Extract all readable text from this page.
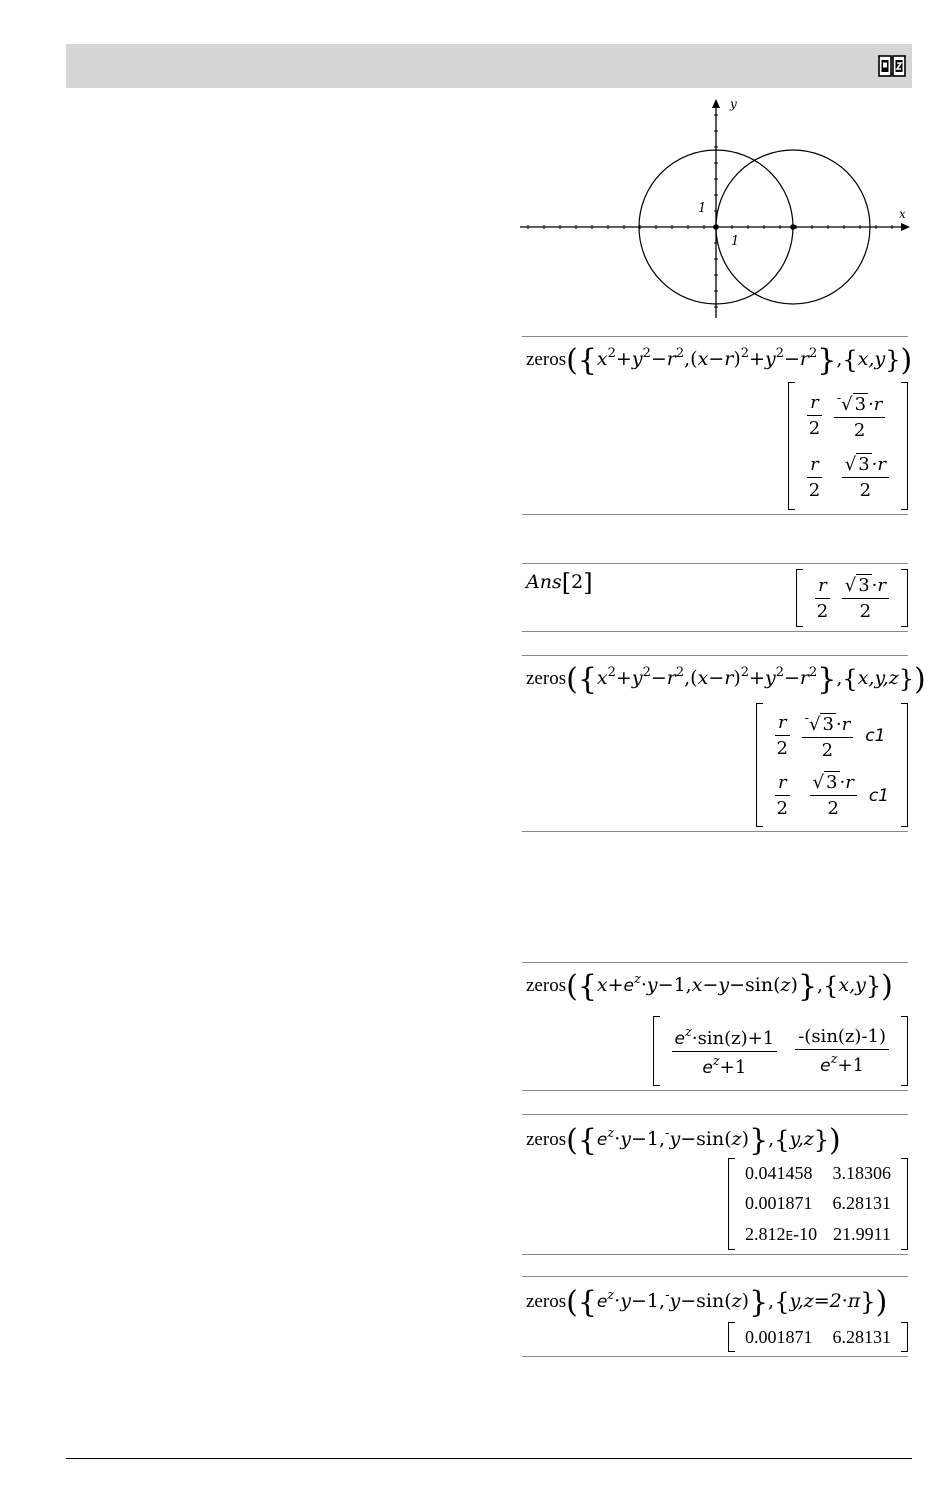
y
x
1
1
$zeros(\{x^2+y^2-r^2,(x-r)^2+y^2-r^2\},\{x,y\})$
$\frac{r}{2} \frac{^-√ 3 \cdot r}{2}$
$\frac{r}{2} \frac{√ 3 \cdot r}{2}$
Ans[2]	$\frac{r}{2} \frac{√ 3 \cdot r}{2}$
$zeros(\{x^2+y^2-r^2,(x-r)^2+y^2-r^2\},\{x,y,z\})$
$\frac{r}{2} \frac{^-√ 3 \cdot r}{2} c1$
$\frac{r}{2} \frac{√ 3 \cdot r}{2} c1$
$zeros(\{x+e^z\cdot y-1,x-y-\sin(z)\},\{x,y\})$
$\frac{e^z\cdot\sin(z)+1}{e^z+1} \frac{-(\sin(z)-1)}{e^z+1}$
$zeros(\{e^z\cdot y-1,^-y-\sin(z)\},\{y,z\})$
0.041458	3.18306
0.001871	6.28131
2.812E-10 21.9911
$zeros(\{e^z\cdot y-1,^-y-\sin(z)\},\{y,z=2\cdot\pi\})$
0.001871	6.28131
